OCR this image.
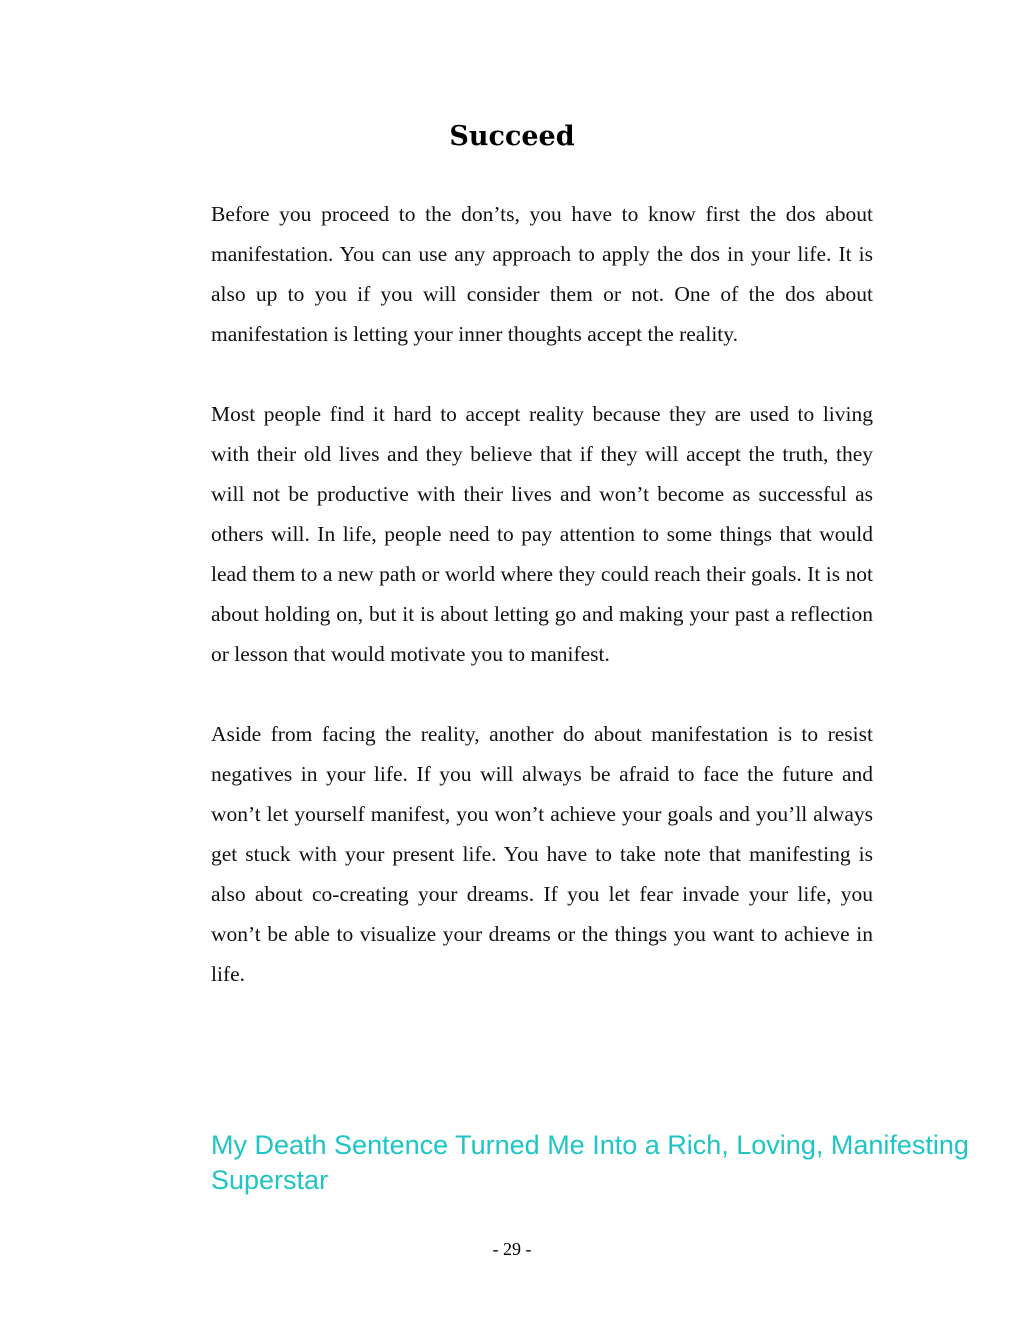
Succeed

Before you proceed to the don’ts, you have to know first the dos about manifestation. You can use any approach to apply the dos in your life. It is also up to you if you will consider them or not. One of the dos about manifestation is letting your inner thoughts accept the reality.

Most people find it hard to accept reality because they are used to living with their old lives and they believe that if they will accept the truth, they will not be productive with their lives and won’t become as successful as others will. In life, people need to pay attention to some things that would lead them to a new path or world where they could reach their goals. It is not about holding on, but it is about letting go and making your past a reflection or lesson that would motivate you to manifest.

Aside from facing the reality, another do about manifestation is to resist negatives in your life. If you will always be afraid to face the future and won’t let yourself manifest, you won’t achieve your goals and you’ll always get stuck with your present life. You have to take note that manifesting is also about co-creating your dreams. If you let fear invade your life, you won’t be able to visualize your dreams or the things you want to achieve in life.

My Death Sentence Turned Me Into a Rich, Loving, Manifesting Superstar
- 29 -
